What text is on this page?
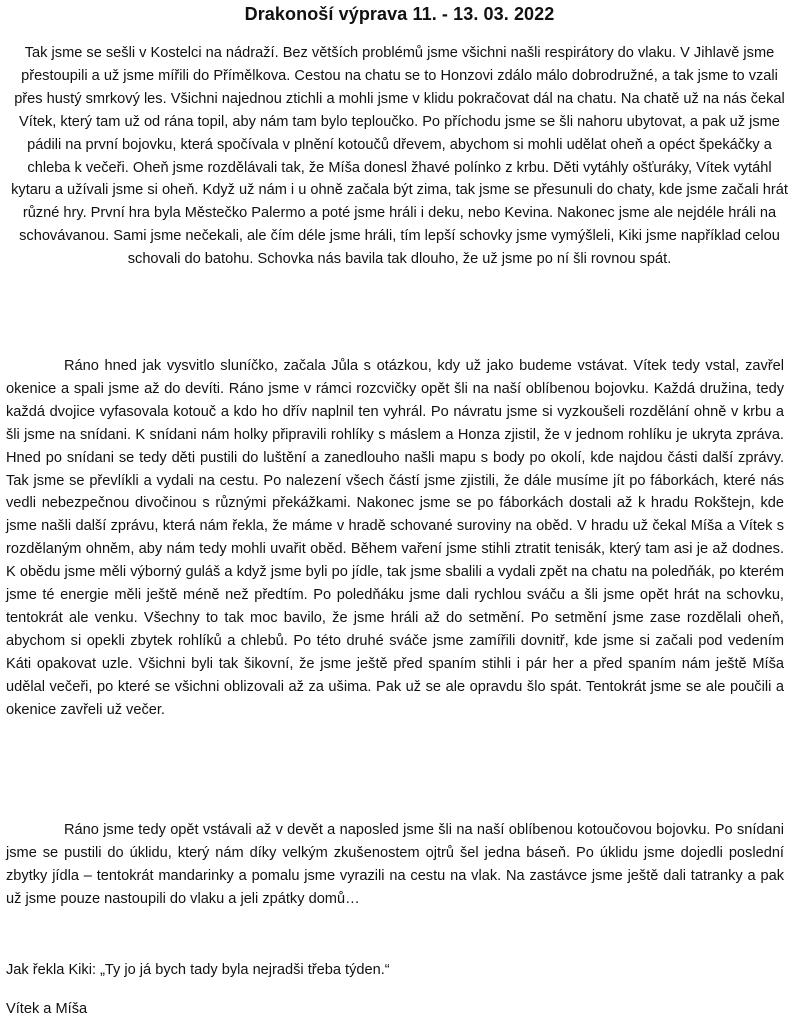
Drakonoší výprava 11. - 13. 03. 2022

Tak jsme se sešli v Kostelci na nádraží. Bez větších problémů jsme všichni našli respirátory do vlaku. V Jihlavě jsme přestoupili a už jsme mířili do Přímělkova. Cestou na chatu se to Honzovi zdálo málo dobrodružné, a tak jsme to vzali přes hustý smrkový les. Všichni najednou ztichli a mohli jsme v klidu pokračovat dál na chatu. Na chatě už na nás čekal Vítek, který tam už od rána topil, aby nám tam bylo teploučko. Po příchodu jsme se šli nahoru ubytovat, a pak už jsme pádili na první bojovku, která spočívala v plnění kotoučů dřevem, abychom si mohli udělat oheň a opéct špekáčky a chleba k večeři. Oheň jsme rozdělávali tak, že Míša donesl žhavé polínko z krbu. Děti vytáhly ošťuráky, Vítek vytáhl kytaru a užívali jsme si oheň. Když už nám i u ohně začala být zima, tak jsme se přesunuli do chaty, kde jsme začali hrát různé hry. První hra byla Městečko Palermo a poté jsme hráli i deku, nebo Kevina. Nakonec jsme ale nejdéle hráli na schovávanou. Sami jsme nečekali, ale čím déle jsme hráli, tím lepší schovky jsme vymýšleli, Kiki jsme například celou schovali do batohu. Schovka nás bavila tak dlouho, že už jsme po ní šli rovnou spát.

Ráno hned jak vysvitlo sluníčko, začala Jůla s otázkou, kdy už jako budeme vstávat. Vítek tedy vstal, zavřel okenice a spali jsme až do devíti. Ráno jsme v rámci rozcvičky opět šli na naší oblíbenou bojovku. Každá družina, tedy každá dvojice vyfasovala kotouč a kdo ho dřív naplnil ten vyhrál. Po návratu jsme si vyzkoušeli rozdělání ohně v krbu a šli jsme na snídani. K snídani nám holky připravili rohlíky s máslem a Honza zjistil, že v jednom rohlíku je ukryta zpráva. Hned po snídani se tedy děti pustili do luštění a zanedlouho našli mapu s body po okolí, kde najdou části další zprávy. Tak jsme se převlíkli a vydali na cestu. Po nalezení všech částí jsme zjistili, že dále musíme jít po fáborkách, které nás vedli nebezpečnou divočinou s různými překážkami. Nakonec jsme se po fáborkách dostali až k hradu Rokštejn, kde jsme našli další zprávu, která nám řekla, že máme v hradě schované suroviny na oběd. V hradu už čekal Míša a Vítek s rozdělaným ohněm, aby nám tedy mohli uvařit oběd. Během vaření jsme stihli ztratit tenisák, který tam asi je až dodnes. K obědu jsme měli výborný guláš a když jsme byli po jídle, tak jsme sbalili a vydali zpět na chatu na poledňák, po kterém jsme té energie měli ještě méně než předtím. Po poledňáku jsme dali rychlou sváču a šli jsme opět hrát na schovku, tentokrát ale venku. Všechny to tak moc bavilo, že jsme hráli až do setmění. Po setmění jsme zase rozdělali oheň, abychom si opekli zbytek rohlíků a chlebů. Po této druhé sváče jsme zamířili dovnitř, kde jsme si začali pod vedením Káti opakovat uzle. Všichni byli tak šikovní, že jsme ještě před spaním stihli i pár her a před spaním nám ještě Míša udělal večeři, po které se všichni oblizovali až za ušima. Pak už se ale opravdu šlo spát. Tentokrát jsme se ale poučili a okenice zavřeli už večer.

Ráno jsme tedy opět vstávali až v devět a naposled jsme šli na naší oblíbenou kotoučovou bojovku. Po snídani jsme se pustili do úklidu, který nám díky velkým zkušenostem ojtrů šel jedna báseň. Po úklidu jsme dojedli poslední zbytky jídla – tentokrát mandarinky a pomalu jsme vyrazili na cestu na vlak. Na zastávce jsme ještě dali tatranky a pak už jsme pouze nastoupili do vlaku a jeli zpátky domů…

Jak řekla Kiki: „Ty jo já bych tady byla nejradši třeba týden.“

Vítek a Míša
